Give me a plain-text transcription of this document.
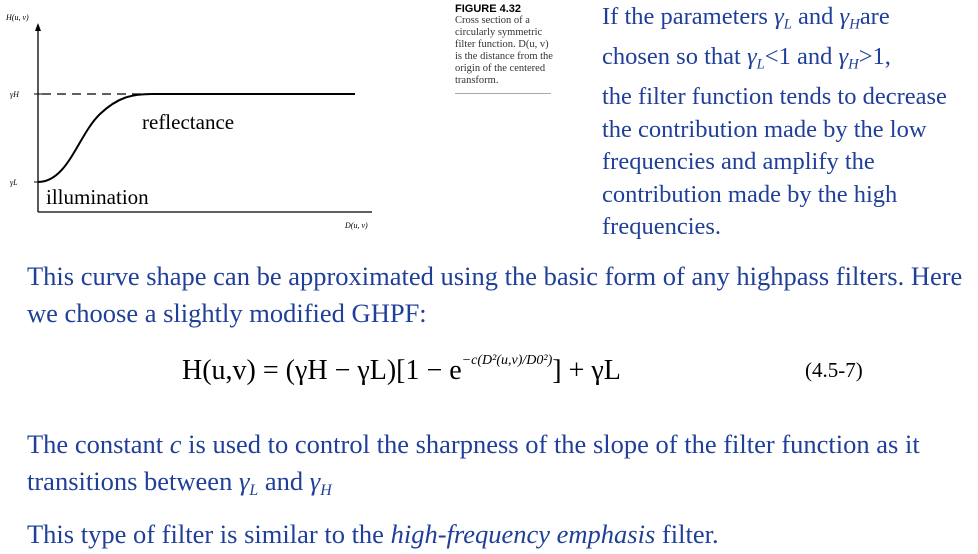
H(u, v)
D(u, v)
γH
γL
reflectance
illumination
FIGURE 4.32
Cross section of a circularly symmetric filter function. D(u, v) is the distance from the origin of the centered transform.
If the parameters $\gamma_L$ and $\gamma_Hare$
chosen so that $\gamma_L<1$ and $\gamma_H>1$,
the filter function tends to decrease the contribution made by the low frequencies and amplify the contribution made by the high frequencies.
This curve shape can be approximated using the basic form of any highpass filters. Here we choose a slightly modified GHPF:
$H(u,v) = (\gamma H - \gamma L)[1 - e^{-c(D^2(u,v)/D0^2)}] + \gamma L$	(4.5-7)
The constant c is used to control the sharpness of the slope of the filter function as it transitions between $\gamma_L$ and $\gamma_H$
This type of filter is similar to the high-frequency emphasis filter.
